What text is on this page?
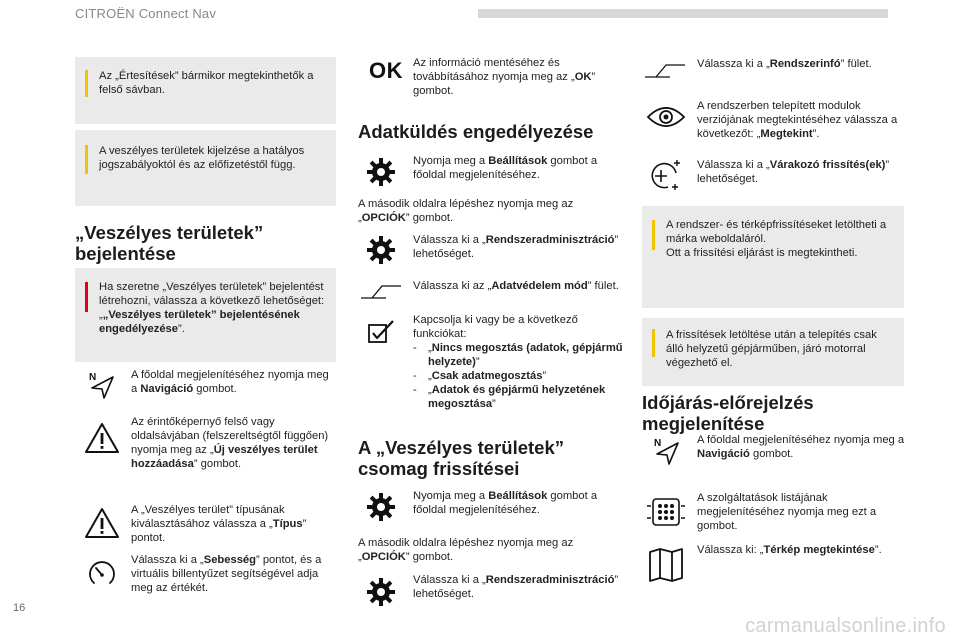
CITROËN Connect Nav
16
carmanualsonline.info
Az „Értesítések” bármikor megtekinthetők a felső sávban.
A veszélyes területek kijelzése a hatályos jogszabályoktól és az előfizetéstől függ.
„Veszélyes területek” bejelentése
Ha szeretne „Veszélyes területek” bejelentést létrehozni, válassza a következő lehetőséget: „„Veszélyes területek” bejelentésének engedélyezése”.
N	A főoldal megjelenítéséhez nyomja meg a Navigáció gombot.
Az érintőképernyő felső vagy oldalsávjában (felszereltségtől függően) nyomja meg az „Új veszélyes terület hozzáadása” gombot.
A „Veszélyes terület” típusának kiválasztásához válassza a „Típus” pontot.
Válassza ki a „Sebesség” pontot, és a virtuális billentyűzet segítségével adja meg az értékét.
OK Az információ mentéséhez és továbbításához nyomja meg az „OK” gombot.
Adatküldés engedélyezése
Nyomja meg a Beállítások gombot a főoldal megjelenítéséhez.
A második oldalra lépéshez nyomja meg az „OPCIÓK” gombot.
Válassza ki a „Rendszeradminisztráció” lehetőséget.
Válassza ki az „Adatvédelem mód” fület.
Kapcsolja ki vagy be a következő funkciókat:
-	„Nincs megosztás (adatok, gépjármű helyzete)”
-	„Csak adatmegosztás”
-	„Adatok és gépjármű helyzetének megosztása”
A „Veszélyes területek” csomag frissítései
Nyomja meg a Beállítások gombot a főoldal megjelenítéséhez.
A második oldalra lépéshez nyomja meg az „OPCIÓK” gombot.
Válassza ki a „Rendszeradminisztráció” lehetőséget.
Válassza ki a „Rendszerinfó” fület.
A rendszerben telepített modulok verziójának megtekintéséhez válassza a következőt: „Megtekint”.
Válassza ki a „Várakozó frissítés(ek)” lehetőséget.
A rendszer- és térképfrissítéseket letöltheti a márka weboldaláról.
Ott a frissítési eljárást is megtekintheti.
A frissítések letöltése után a telepítés csak álló helyzetű gépjárműben, járó motorral végezhető el.
Időjárás-előrejelzés megjelenítése
N	A főoldal megjelenítéséhez nyomja meg a Navigáció gombot.
A szolgáltatások listájának megjelenítéséhez nyomja meg ezt a gombot.
Válassza ki: „Térkép megtekintése”.
